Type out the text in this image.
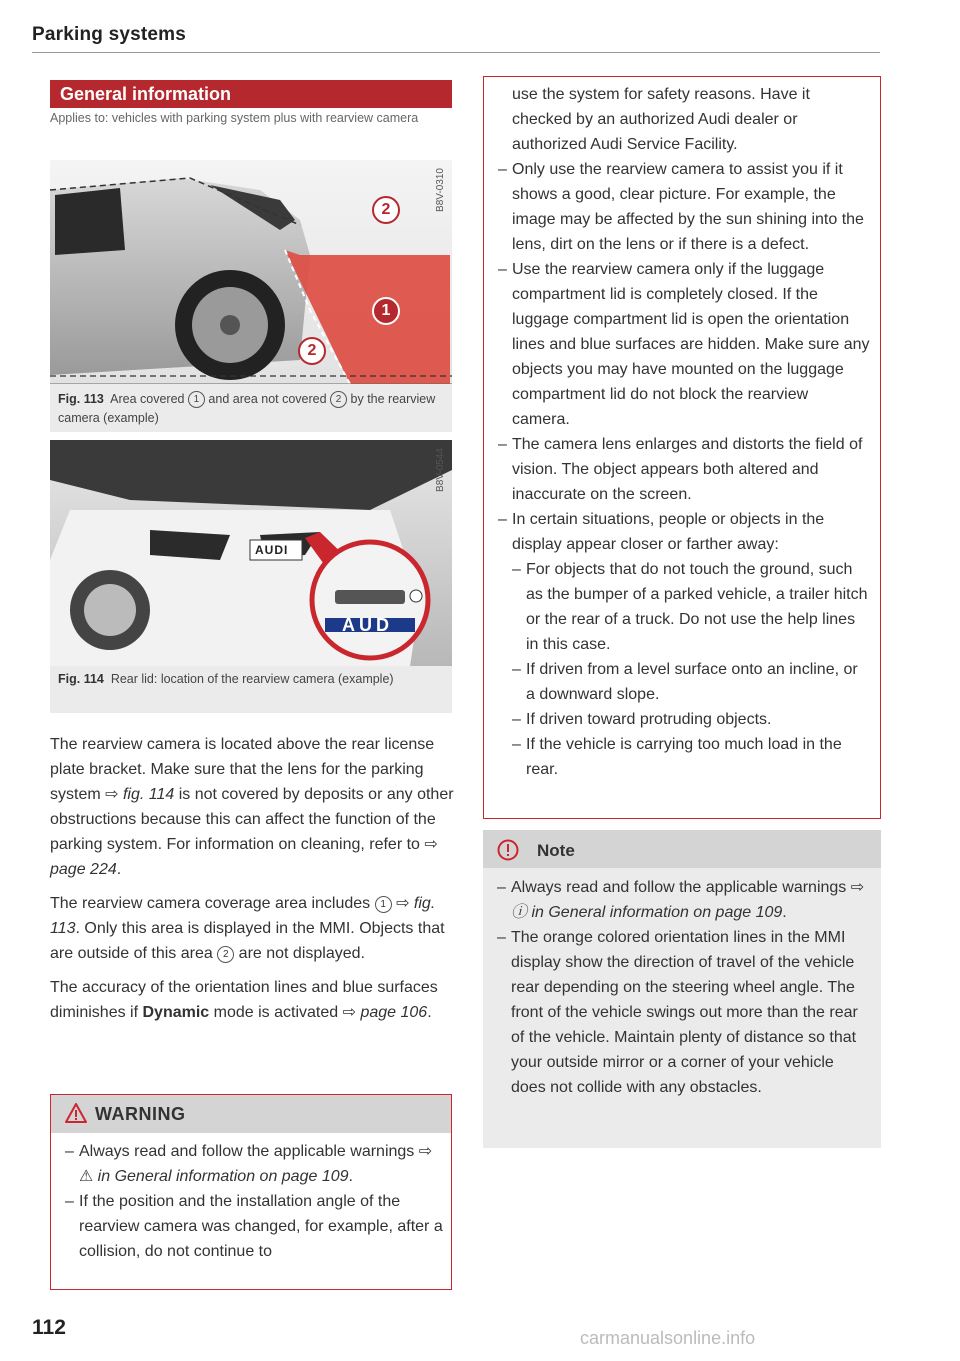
Parking systems
General information
Applies to: vehicles with parking system plus with rearview camera
2
1
2
B8V-0310
Fig. 113 Area covered 1 and area not covered 2 by the rearview camera (example)
AUDI
AUD
B8V-0544
Fig. 114 Rear lid: location of the rearview camera (example)

The rearview camera is located above the rear license plate bracket. Make sure that the lens for the parking system ⇨ fig. 114 is not covered by deposits or any other obstructions because this can affect the function of the parking system. For information on cleaning, refer to ⇨ page 224.

The rearview camera coverage area includes 1 ⇨ fig. 113. Only this area is displayed in the MMI. Objects that are outside of this area 2 are not displayed.

The accuracy of the orientation lines and blue surfaces diminishes if Dynamic mode is activated ⇨ page 106.

WARNING
– Always read and follow the applicable warnings ⇨ ⚠ in General information on page 109.
– If the position and the installation angle of the rearview camera was changed, for example, after a collision, do not continue to
use the system for safety reasons. Have it checked by an authorized Audi dealer or authorized Audi Service Facility.
– Only use the rearview camera to assist you if it shows a good, clear picture. For example, the image may be affected by the sun shining into the lens, dirt on the lens or if there is a defect.
– Use the rearview camera only if the luggage compartment lid is completely closed. If the luggage compartment lid is open the orientation lines and blue surfaces are hidden. Make sure any objects you may have mounted on the luggage compartment lid do not block the rearview camera.
– The camera lens enlarges and distorts the field of vision. The object appears both altered and inaccurate on the screen.
– In certain situations, people or objects in the display appear closer or farther away:
– For objects that do not touch the ground, such as the bumper of a parked vehicle, a trailer hitch or the rear of a truck. Do not use the help lines in this case.
– If driven from a level surface onto an incline, or a downward slope.
– If driven toward protruding objects.
– If the vehicle is carrying too much load in the rear.
Note
– Always read and follow the applicable warnings ⇨ ⓘ in General information on page 109.
– The orange colored orientation lines in the MMI display show the direction of travel of the vehicle rear depending on the steering wheel angle. The front of the vehicle swings out more than the rear of the vehicle. Maintain plenty of distance so that your outside mirror or a corner of your vehicle does not collide with any obstacles.
112	carmanualsonline.info
